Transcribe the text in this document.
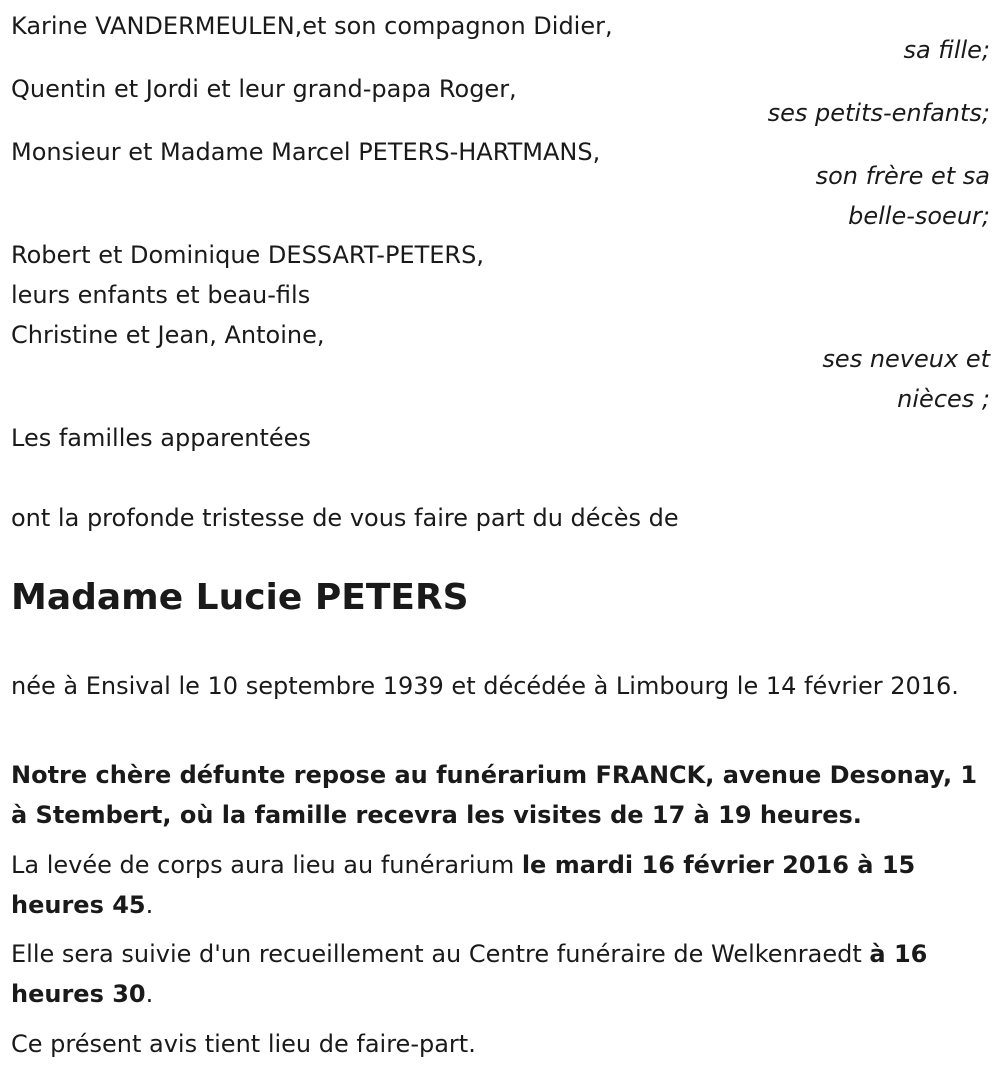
Karine VANDERMEULEN,et son compagnon Didier,
sa fille;
Quentin et Jordi et leur grand-papa Roger,
ses petits-enfants;
Monsieur et Madame Marcel PETERS-HARTMANS,
son frère et sa
belle-soeur;
Robert et Dominique DESSART-PETERS,
leurs enfants et beau-fils
Christine et Jean, Antoine,
ses neveux et
nièces ;
Les familles apparentées
ont la profonde tristesse de vous faire part du décès de
Madame Lucie PETERS
née à Ensival le 10 septembre 1939 et décédée à Limbourg le 14 février 2016.
Notre chère défunte repose au funérarium FRANCK, avenue Desonay, 1 à Stembert, où la famille recevra les visites de 17 à 19 heures.
La levée de corps aura lieu au funérarium le mardi 16 février 2016 à 15 heures 45.
Elle sera suivie d'un recueillement au Centre funéraire de Welkenraedt à 16 heures 30.
Ce présent avis tient lieu de faire-part.
